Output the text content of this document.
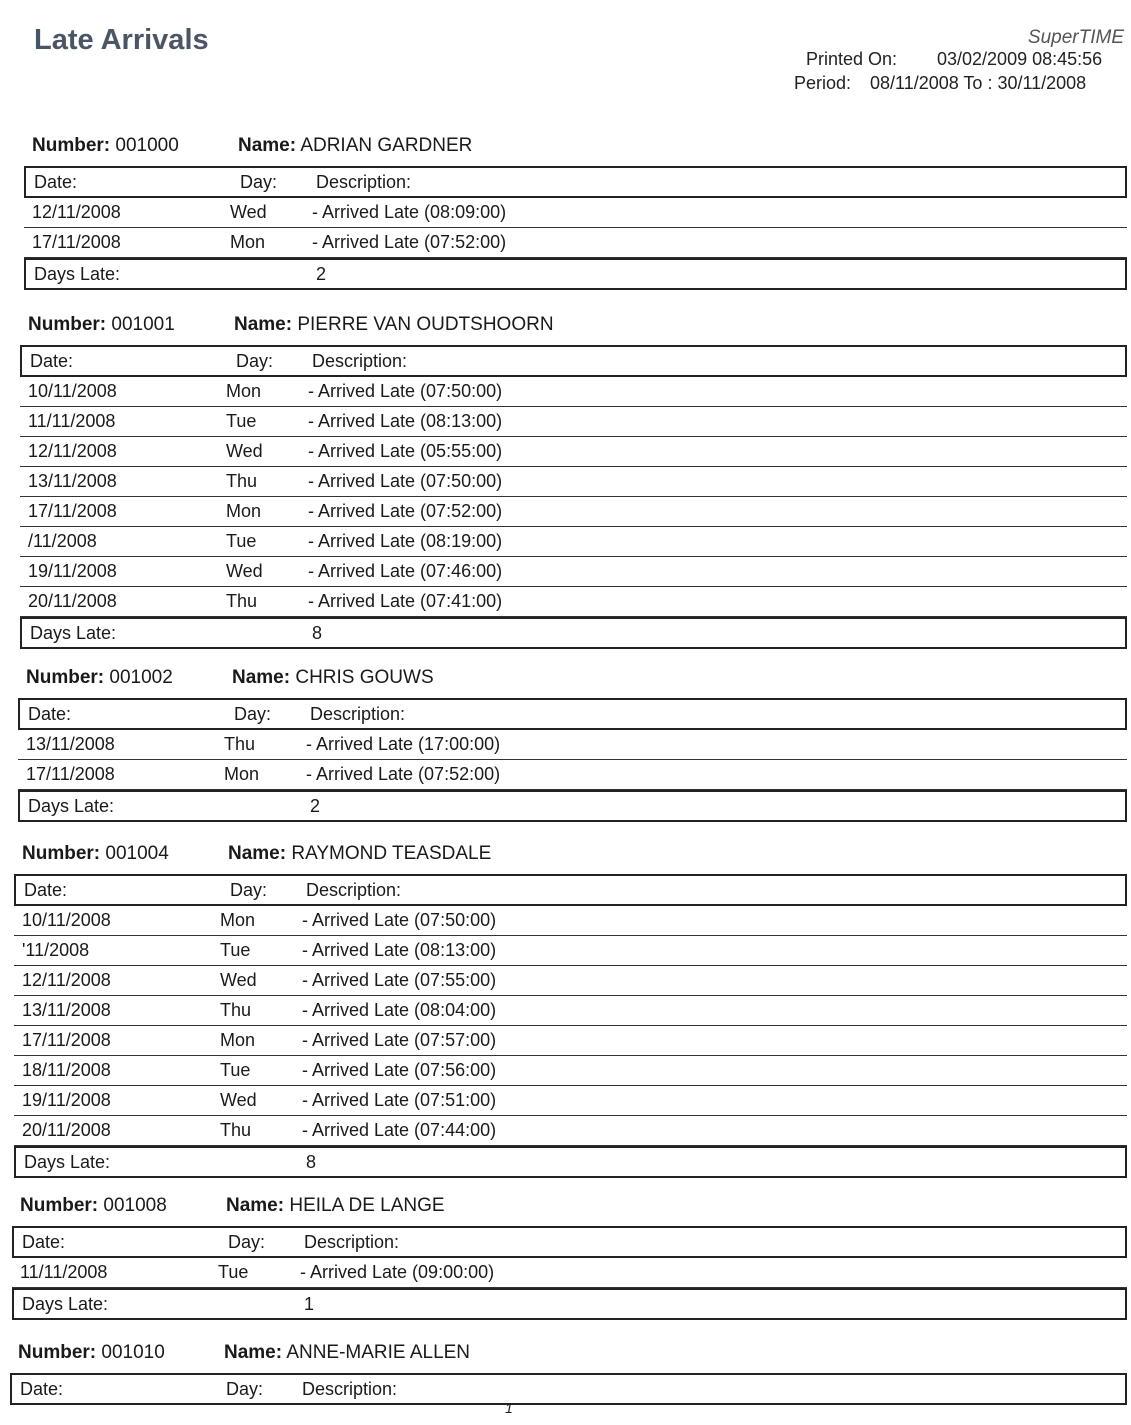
Late Arrivals	SuperTIME
Printed On: 03/02/2009 08:45:56
Period: 08/11/2008 To : 30/11/2008
Number: 001000	Name: ADRIAN GARDNER
Date:	Day: Description:
12/11/2008	Wed	- Arrived Late (08:09:00)
17/11/2008	Mon	- Arrived Late (07:52:00)
Days Late:	2
Number: 001001	Name: PIERRE VAN OUDTSHOORN
Date:	Day: Description:
10/11/2008	Mon	- Arrived Late (07:50:00)
11/11/2008	Tue	- Arrived Late (08:13:00)
12/11/2008	Wed	- Arrived Late (05:55:00)
13/11/2008	Thu	- Arrived Late (07:50:00)
17/11/2008	Mon	- Arrived Late (07:52:00)
/11/2008	Tue	- Arrived Late (08:19:00)
19/11/2008	Wed	- Arrived Late (07:46:00)
20/11/2008	Thu	- Arrived Late (07:41:00)
Days Late:	8
Number: 001002	Name: CHRIS GOUWS
Date:	Day: Description:
13/11/2008	Thu	- Arrived Late (17:00:00)
17/11/2008	Mon	- Arrived Late (07:52:00)
Days Late:	2
Number: 001004	Name: RAYMOND TEASDALE
Date:	Day: Description:
10/11/2008	Mon	- Arrived Late (07:50:00)
'11/2008	Tue	- Arrived Late (08:13:00)
12/11/2008	Wed	- Arrived Late (07:55:00)
13/11/2008	Thu	- Arrived Late (08:04:00)
17/11/2008	Mon	- Arrived Late (07:57:00)
18/11/2008	Tue	- Arrived Late (07:56:00)
19/11/2008	Wed	- Arrived Late (07:51:00)
20/11/2008	Thu	- Arrived Late (07:44:00)
Days Late:	8
Number: 001008	Name: HEILA DE LANGE
Date:	Day: Description:
11/11/2008	Tue	- Arrived Late (09:00:00)
Days Late:	1
Number: 001010	Name: ANNE-MARIE ALLEN
Date:	Day: Description:
1
